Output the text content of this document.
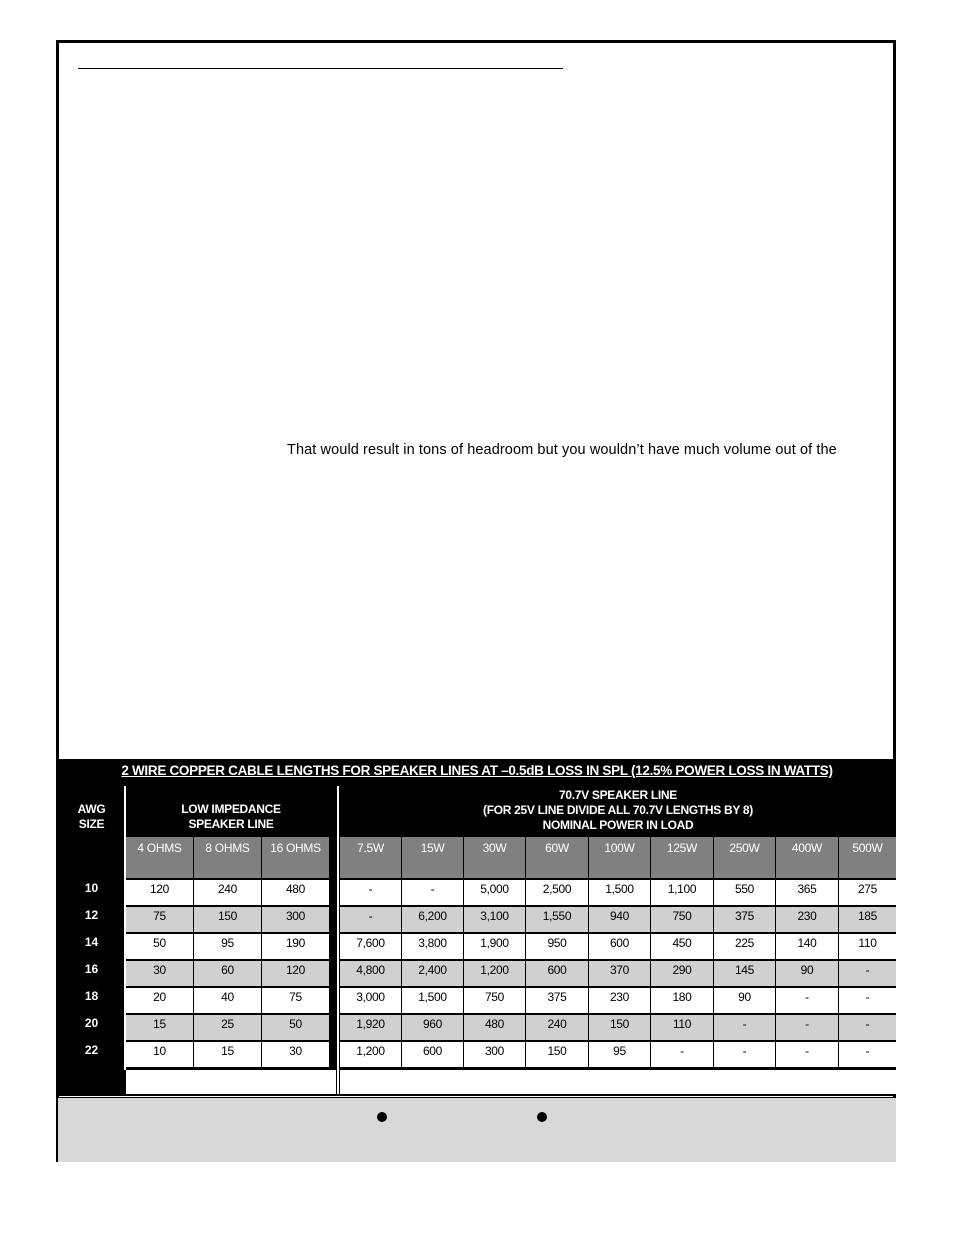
That would result in tons of headroom but you wouldn’t have much volume out of the
2 WIRE COPPER CABLE LENGTHS FOR SPEAKER LINES AT –0.5dB LOSS IN SPL (12.5% POWER LOSS IN WATTS)
AWG
SIZE
LOW IMPEDANCE
SPEAKER LINE
70.7V SPEAKER LINE
(FOR 25V LINE DIVIDE ALL 70.7V LENGTHS BY 8)
NOMINAL POWER IN LOAD
4 OHMS	8 OHMS	16 OHMS	7.5W	15W	30W	60W	100W	125W	250W	400W	500W
10	120	240	480	-	-	5,000	2,500	1,500	1,100	550	365	275
12	75	150	300	-	6,200	3,100	1,550	940	750	375	230	185
14	50	95	190	7,600	3,800	1,900	950	600	450	225	140	110
16	30	60	120	4,800	2,400	1,200	600	370	290	145	90	-
18	20	40	75	3,000	1,500	750	375	230	180	90	-	-
20	15	25	50	1,920	960	480	240	150	110	-	-	-
22	10	15	30	1,200	600	300	150	95	-	-	-	-
